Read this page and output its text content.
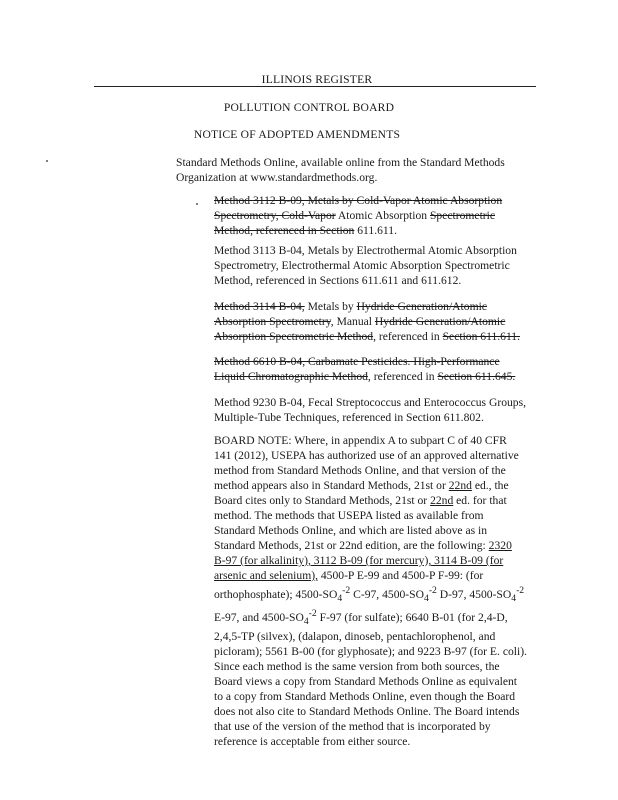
ILLINOIS REGISTER
POLLUTION CONTROL BOARD
NOTICE OF ADOPTED AMENDMENTS

Standard Methods Online, available online from the Standard Methods

Organization at www.standardmethods.org.

Method 3112 B-09, Metals by Cold-Vapor Atomic Absorption

Spectrometry, Cold-Vapor Atomic Absorption Spectrometric

Method, referenced in Section 611.611.

Method 3113 B-04, Metals by Electrothermal Atomic Absorption

Spectrometry, Electrothermal Atomic Absorption Spectrometric

Method, referenced in Sections 611.611 and 611.612.

Method 3114 B-04, Metals by Hydride Generation/Atomic

Absorption Spectrometry, Manual Hydride Generation/Atomic

Absorption Spectrometric Method, referenced in Section 611.611.

Method 6610 B-04, Carbamate Pesticides. High-Performance

Liquid Chromatographic Method, referenced in Section 611.645.

Method 9230 B-04, Fecal Streptococcus and Enterococcus Groups,

Multiple-Tube Techniques, referenced in Section 611.802.

BOARD NOTE: Where, in appendix A to subpart C of 40 CFR

141 (2012), USEPA has authorized use of an approved alternative

method from Standard Methods Online, and that version of the

method appears also in Standard Methods, 21st or 22nd ed., the

Board cites only to Standard Methods, 21st or 22nd ed. for that

method. The methods that USEPA listed as available from

Standard Methods Online, and which are listed above as in

Standard Methods, 21st or 22nd edition, are the following: 2320

B-97 (for alkalinity), 3112 B-09 (for mercury), 3114 B-09 (for

arsenic and selenium), 4500-P E-99 and 4500-P F-99: (for

orthophosphate); $4500-SO_4^{-2}$ C-97, $4500-SO_4^{-2}$ D-97, $4500-SO_4^{-2}$

E-97, and $4500-SO_4^{-2}$ F-97 (for sulfate); 6640 B-01 (for 2,4-D,

2,4,5-TP (silvex), (dalapon, dinoseb, pentachlorophenol, and

picloram); 5561 B-00 (for glyphosate); and 9223 B-97 (for E. coli).

Since each method is the same version from both sources, the

Board views a copy from Standard Methods Online as equivalent

to a copy from Standard Methods Online, even though the Board

does not also cite to Standard Methods Online. The Board intends

that use of the version of the method that is incorporated by

reference is acceptable from either source.
